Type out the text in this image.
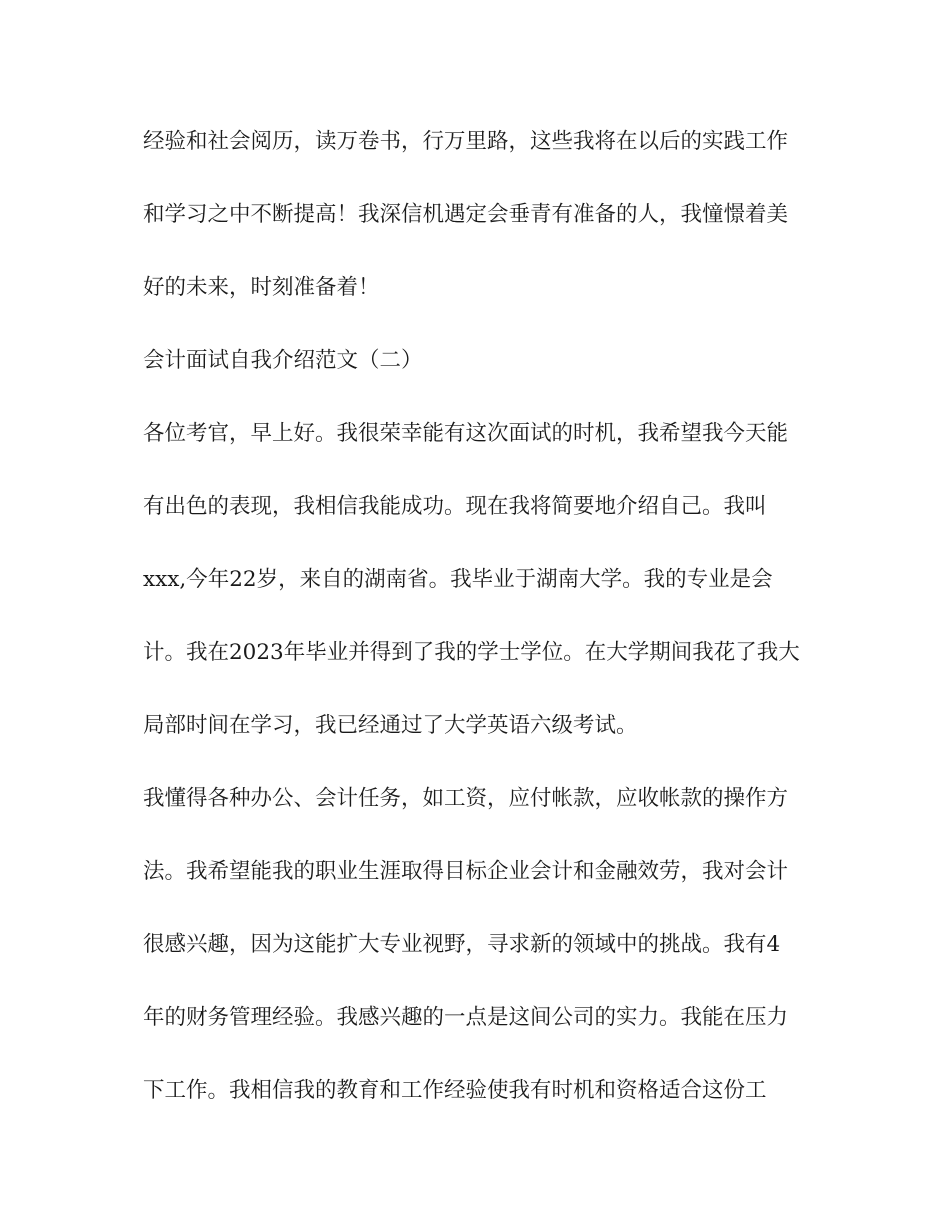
经验和社会阅历，读万卷书，行万里路，这些我将在以后的实践工作
和学习之中不断提高！我深信机遇定会垂青有准备的人，我憧憬着美
好的未来，时刻准备着！
会计面试自我介绍范文（二）
各位考官，早上好。我很荣幸能有这次面试的时机，我希望我今天能
有出色的表现，我相信我能成功。现在我将简要地介绍自己。我叫
xxx,今年22岁，来自的湖南省。我毕业于湖南大学。我的专业是会
计。我在2023年毕业并得到了我的学士学位。在大学期间我花了我大
局部时间在学习，我已经通过了大学英语六级考试。
我懂得各种办公、会计任务，如工资，应付帐款，应收帐款的操作方
法。我希望能我的职业生涯取得目标企业会计和金融效劳，我对会计
很感兴趣，因为这能扩大专业视野，寻求新的领域中的挑战。我有4
年的财务管理经验。我感兴趣的一点是这间公司的实力。我能在压力
下工作。我相信我的教育和工作经验使我有时机和资格适合这份工
